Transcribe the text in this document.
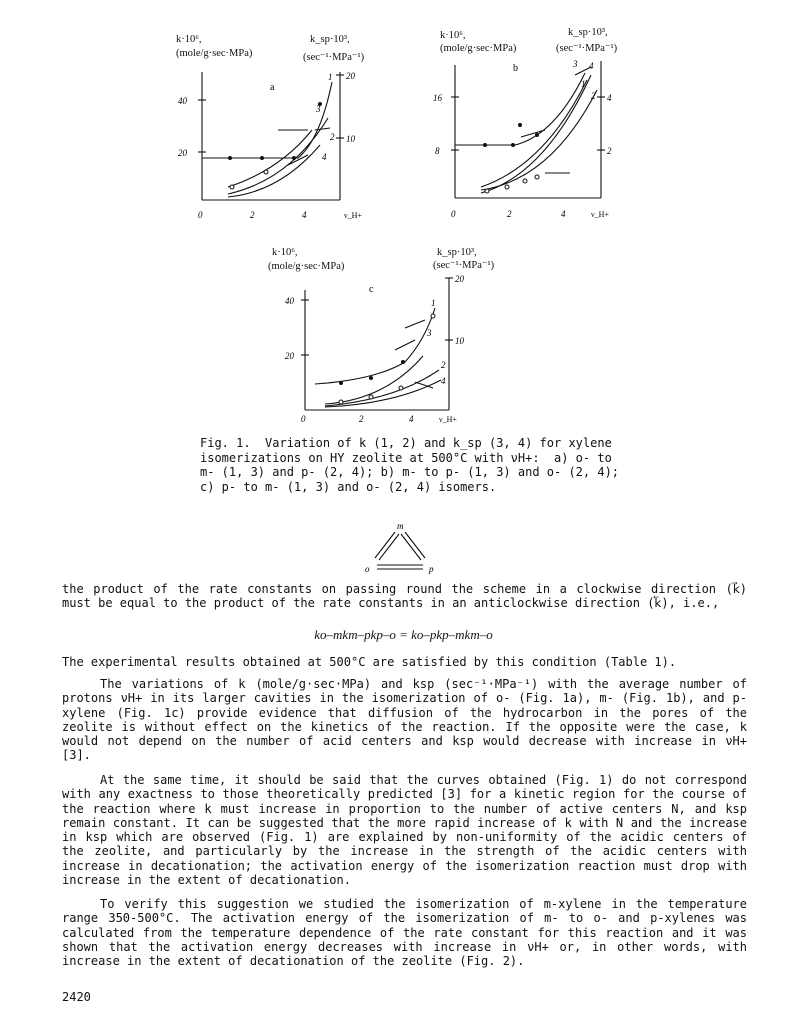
k·10⁶,
(mole/g·sec·MPa)
k_sp·10³,
(sec⁻¹·MPa⁻¹)
40
20
0
20
10
2	4	ν_H+
a
1
2
3
4
k·10⁶,
(mole/g·sec·MPa)
k_sp·10³,
(sec⁻¹·MPa⁻¹)
16
8
0
4
2
2	4	ν_H+
b
1
2
3 4
k·10⁶,
(mole/g·sec·MPa)
k_sp·10³,
(sec⁻¹·MPa⁻¹)
40
20
0
20
10
2	4	ν_H+
c
1
2
3
4
Fig. 1.  Variation of k (1, 2) and k_sp (3, 4) for xylene
isomerizations on HY zeolite at 500°C with νH+:  a) o- to
m- (1, 3) and p- (2, 4); b) m- to p- (1, 3) and o- (2, 4);
c) p- to m- (1, 3) and o- (2, 4) isomers.
m
o	p
the product of the rate constants on passing round the scheme in a clockwise direction (k⃗) must be equal to the product of the rate constants in an anticlockwise direction (k⃖), i.e.,
ko–mkm–pkp–o = ko–pkp–mkm–o
The experimental results obtained at 500°C are satisfied by this condition (Table 1).
The variations of k (mole/g·sec·MPa) and ksp (sec⁻¹·MPa⁻¹) with the average number of protons νH+ in its larger cavities in the isomerization of o- (Fig. 1a), m- (Fig. 1b), and p-xylene (Fig. 1c) provide evidence that diffusion of the hydrocarbon in the pores of the zeolite is without effect on the kinetics of the reaction. If the opposite were the case, k would not depend on the number of acid centers and ksp would decrease with increase in νH+ [3].
At the same time, it should be said that the curves obtained (Fig. 1) do not correspond with any exactness to those theoretically predicted [3] for a kinetic region for the course of the reaction where k must increase in proportion to the number of active centers N, and ksp remain constant. It can be suggested that the more rapid increase of k with N and the increase in ksp which are observed (Fig. 1) are explained by non-uniformity of the acidic centers of the zeolite, and particularly by the increase in the strength of the acidic centers with increase in decationation; the activation energy of the isomerization reaction must drop with increase in the extent of decationation.
To verify this suggestion we studied the isomerization of m-xylene in the temperature range 350-500°C. The activation energy of the isomerization of m- to o- and p-xylenes was calculated from the temperature dependence of the rate constant for this reaction and it was shown that the activation energy decreases with increase in νH+ or, in other words, with increase in the extent of decationation of the zeolite (Fig. 2).
2420
